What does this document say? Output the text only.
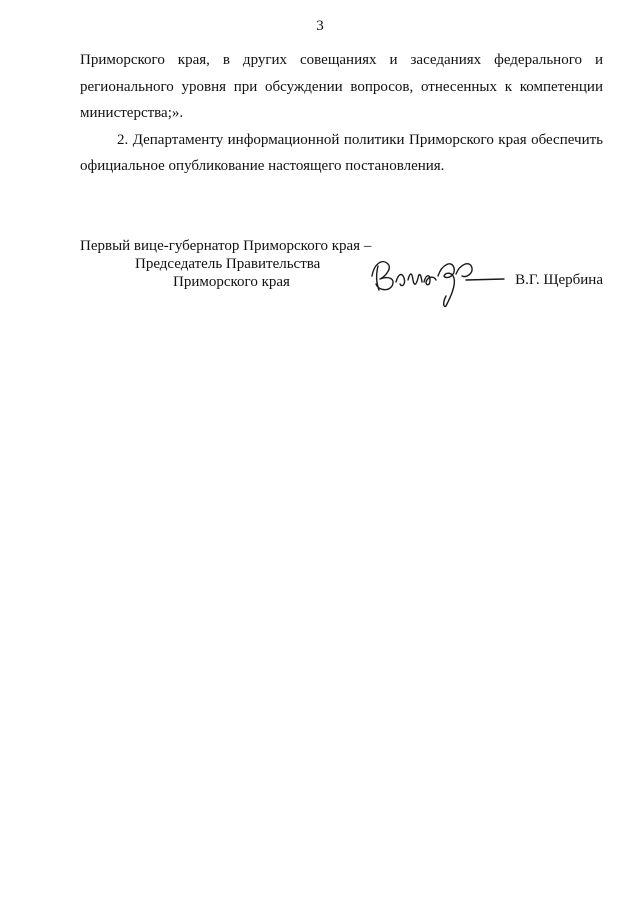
3

Приморского края, в других совещаниях и заседаниях федерального и регионального уровня при обсуждении вопросов, отнесенных к компетенции министерства;».

2. Департаменту информационной политики Приморского края обеспечить официальное опубликование настоящего постановления.

Первый вице-губернатор Приморского края –
Председатель Правительства
Приморского края	В.Г. Щербина
